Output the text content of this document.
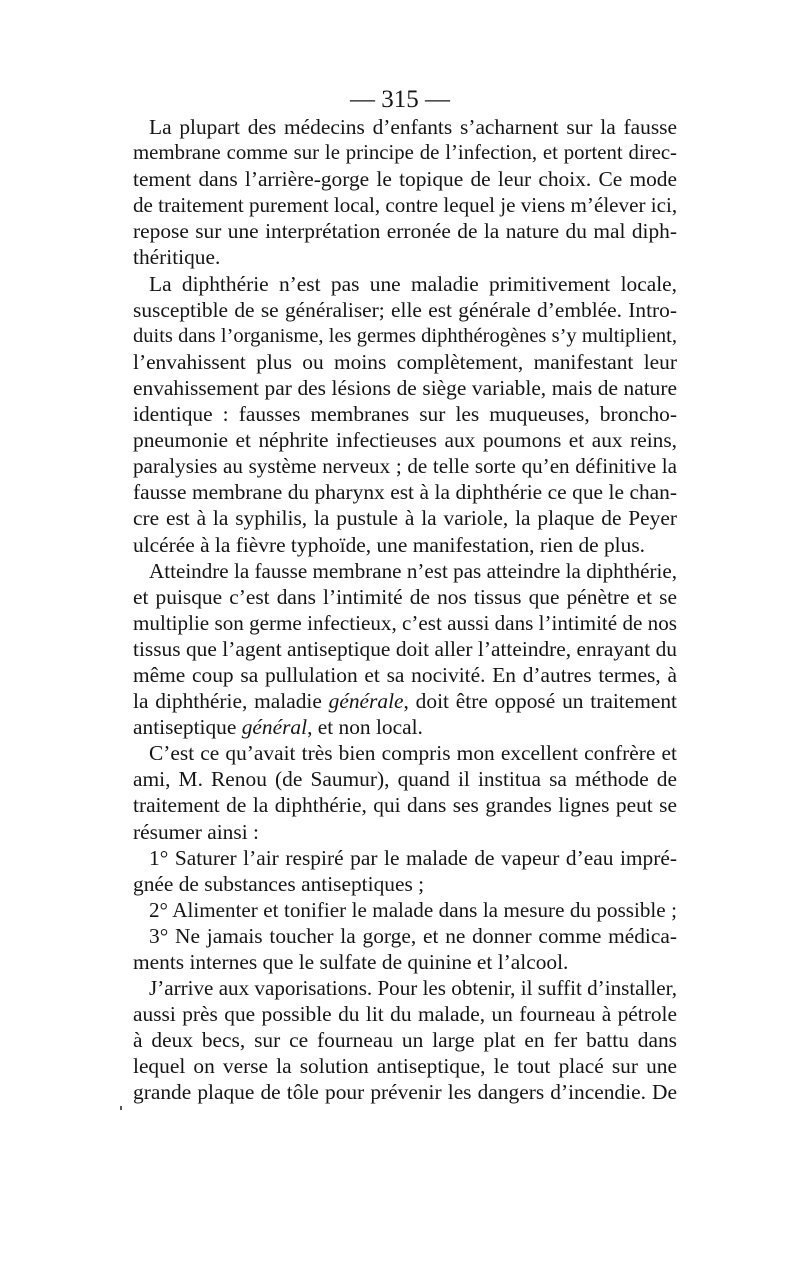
— 315 —
La plupart des médecins d’enfants s’acharnent sur la fausse
membrane comme sur le principe de l’infection, et portent direc-
tement dans l’arrière-gorge le topique de leur choix. Ce mode
de traitement purement local, contre lequel je viens m’élever ici,
repose sur une interprétation erronée de la nature du mal diph-
théritique.
La diphthérie n’est pas une maladie primitivement locale,
susceptible de se généraliser; elle est générale d’emblée. Intro-
duits dans l’organisme, les germes diphthérogènes s’y multiplient,
l’envahissent plus ou moins complètement, manifestant leur
envahissement par des lésions de siège variable, mais de nature
identique : fausses membranes sur les muqueuses, broncho-
pneumonie et néphrite infectieuses aux poumons et aux reins,
paralysies au système nerveux ; de telle sorte qu’en définitive la
fausse membrane du pharynx est à la diphthérie ce que le chan-
cre est à la syphilis, la pustule à la variole, la plaque de Peyer
ulcérée à la fièvre typhoïde, une manifestation, rien de plus.
Atteindre la fausse membrane n’est pas atteindre la diphthérie,
et puisque c’est dans l’intimité de nos tissus que pénètre et se
multiplie son germe infectieux, c’est aussi dans l’intimité de nos
tissus que l’agent antiseptique doit aller l’atteindre, enrayant du
même coup sa pullulation et sa nocivité. En d’autres termes, à
la diphthérie, maladie générale, doit être opposé un traitement
antiseptique général, et non local.
C’est ce qu’avait très bien compris mon excellent confrère et
ami, M. Renou (de Saumur), quand il institua sa méthode de
traitement de la diphthérie, qui dans ses grandes lignes peut se
résumer ainsi :
1° Saturer l’air respiré par le malade de vapeur d’eau impré-
gnée de substances antiseptiques ;
2° Alimenter et tonifier le malade dans la mesure du possible ;
3° Ne jamais toucher la gorge, et ne donner comme médica-
ments internes que le sulfate de quinine et l’alcool.
J’arrive aux vaporisations. Pour les obtenir, il suffit d’installer,
aussi près que possible du lit du malade, un fourneau à pétrole
à deux becs, sur ce fourneau un large plat en fer battu dans
lequel on verse la solution antiseptique, le tout placé sur une
grande plaque de tôle pour prévenir les dangers d’incendie. De
